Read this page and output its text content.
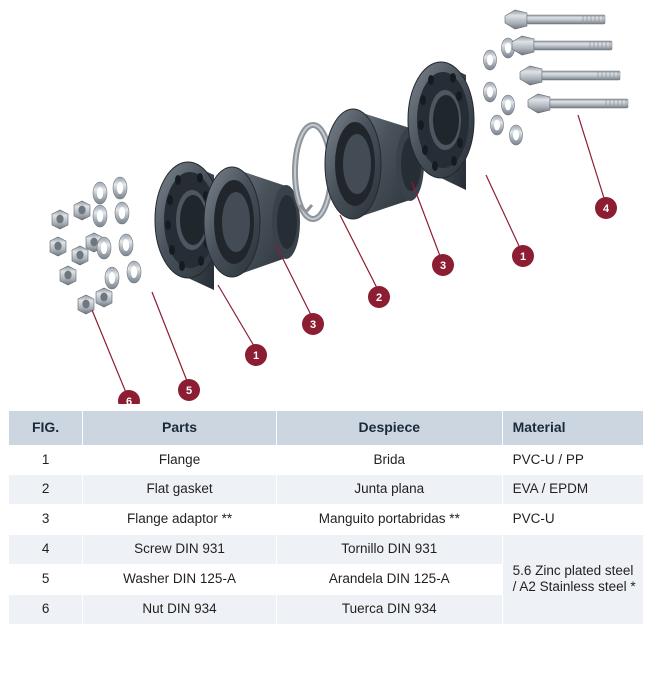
1
4
3
2
3
1
5
6
FIG.	Parts	Despiece	Material
1	Flange	Brida	PVC-U / PP
2	Flat gasket	Junta plana	EVA / EPDM
3	Flange adaptor **	Manguito portabridas **	PVC-U
4	Screw DIN 931	Tornillo DIN 931	5.6 Zinc plated steel / A2 Stainless steel *
5	Washer DIN 125-A	Arandela DIN 125-A	
6	Nut DIN 934	Tuerca DIN 934	
